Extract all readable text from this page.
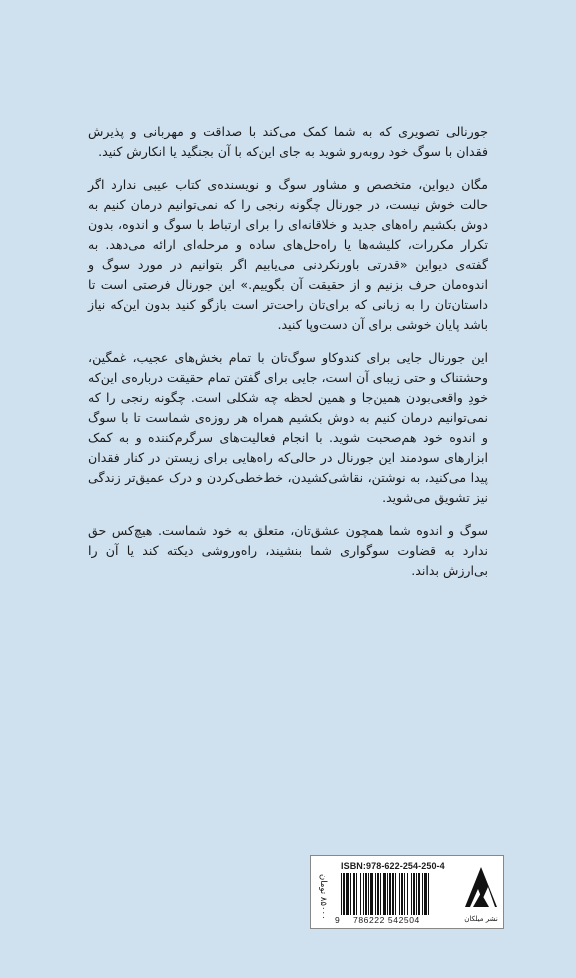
جورنالی تصویری که به شما کمک می‌کند با صداقت و مهربانی و پذیرش فقدان با سوگ خود روبه‌رو شوید به جای این‌که با آن بجنگید یا انکارش کنید.

مگان دیواین، متخصص و مشاور سوگ و نویسنده‌ی کتاب عیبی ندارد اگر حالت خوش نیست، در جورنال چگونه رنجی را که نمی‌توانیم درمان کنیم به دوش بکشیم راه‌های جدید و خلاقانه‌ای را برای ارتباط با سوگ و اندوه، بدون تکرار مکررات، کلیشه‌ها یا راه‌حل‌های ساده و مرحله‌ای ارائه می‌دهد. به گفته‌ی دیواین «قدرتی باورنکردنی می‌یابیم اگر بتوانیم در مورد سوگ و اندوه‌مان حرف بزنیم و از حقیقت آن بگوییم.» این جورنال فرصتی است تا داستان‌تان را به زبانی که برای‌تان راحت‌تر است بازگو کنید بدون این‌که نیاز باشد پایان خوشی برای آن دست‌وپا کنید.

این جورنال جایی برای کندوکاو سوگ‌تان با تمام بخش‌های عجیب، غمگین، وحشتناک و حتی زیبای آن است، جایی برای گفتن تمام حقیقت درباره‌ی این‌که خودِ واقعی‌بودن همین‌جا و همین لحظه چه شکلی است. چگونه رنجی را که نمی‌توانیم درمان کنیم به دوش بکشیم همراه هر روزه‌ی شماست تا با سوگ و اندوه خود هم‌صحبت شوید. با انجام فعالیت‌های سرگرم‌کننده و به کمک ابزارهای سودمند این جورنال در حالی‌که راه‌هایی برای زیستن در کنار فقدان پیدا می‌کنید، به نوشتن، نقاشی‌کشیدن، خط‌خطی‌کردن و درک عمیق‌تر زندگی نیز تشویق می‌شوید.

سوگ و اندوه شما همچون عشق‌تان، متعلق به خود شماست. هیچ‌کس حق ندارد به قضاوت سوگواری شما بنشیند، راه‌وروشی دیکته کند یا آن را بی‌ارزش بداند.

۸۵۰۰۰ تومان
ISBN:978-622-254-250-4
9 786222 542504	نشر میلکان
